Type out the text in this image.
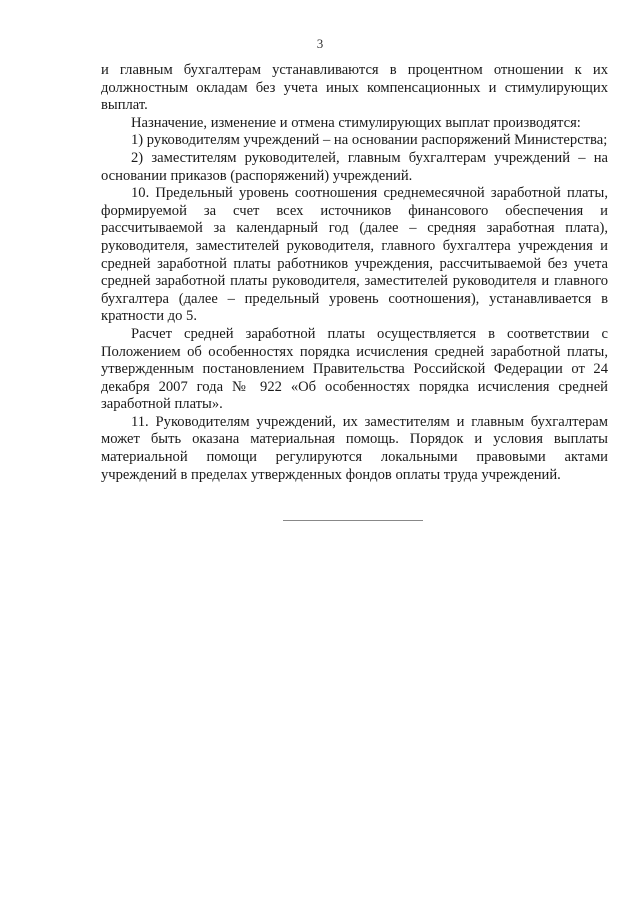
3

и главным бухгалтерам устанавливаются в процентном отношении к их должностным окладам без учета иных компенсационных и стимулирующих выплат.

Назначение, изменение и отмена стимулирующих выплат производятся:

1) руководителям учреждений – на основании распоряжений Министерства;

2) заместителям руководителей, главным бухгалтерам учреждений – на основании приказов (распоряжений) учреждений.

10. Предельный уровень соотношения среднемесячной заработной платы, формируемой за счет всех источников финансового обеспечения и рассчитываемой за календарный год (далее – средняя заработная плата), руководителя, заместителей руководителя, главного бухгалтера учреждения и средней заработной платы работников учреждения, рассчитываемой без учета средней заработной платы руководителя, заместителей руководителя и главного бухгалтера (далее – предельный уровень соотношения), устанавливается в кратности до 5.

Расчет средней заработной платы осуществляется в соответствии с Положением об особенностях порядка исчисления средней заработной платы, утвержденным постановлением Правительства Российской Федерации от 24 декабря 2007 года № 922 «Об особенностях порядка исчисления средней заработной платы».

11. Руководителям учреждений, их заместителям и главным бухгалтерам может быть оказана материальная помощь. Порядок и условия выплаты материальной помощи регулируются локальными правовыми актами учреждений в пределах утвержденных фондов оплаты труда учреждений.
